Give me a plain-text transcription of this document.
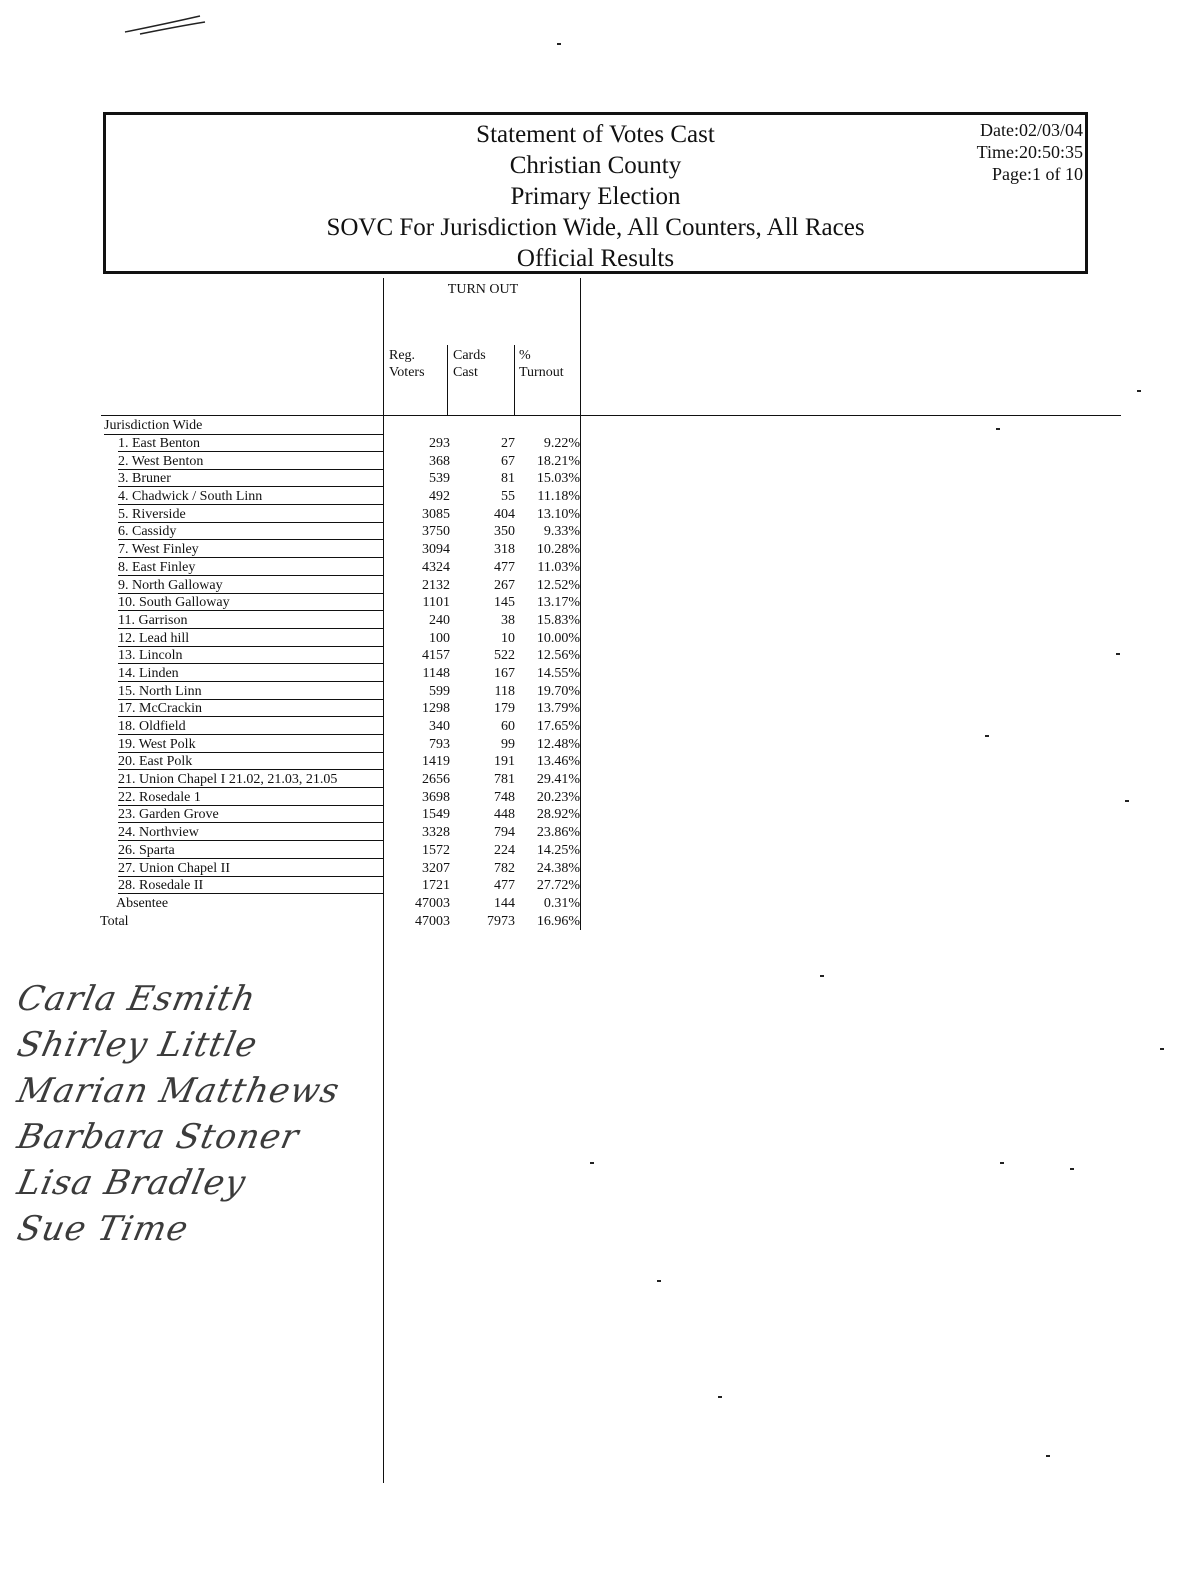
Statement of Votes Cast
Christian County
Primary Election
SOVC For Jurisdiction Wide, All Counters, All Races
Official Results
Date:02/03/04
Time:20:50:35
Page:1 of 10
TURN OUT
Reg.
Voters
Cards
Cast
%
Turnout
Jurisdiction Wide
1. East Benton	293	27 9.22%
2. West Benton	368	67 18.21%
3. Bruner	539	81 15.03%
4. Chadwick / South Linn	492	55 11.18%
5. Riverside	3085	404 13.10%
6. Cassidy	3750	350 9.33%
7. West Finley	3094	318 10.28%
8. East Finley	4324	477 11.03%
9. North Galloway	2132	267 12.52%
10. South Galloway	1101	145 13.17%
11. Garrison	240	38 15.83%
12. Lead hill	100	10 10.00%
13. Lincoln	4157	522 12.56%
14. Linden	1148	167 14.55%
15. North Linn	599	118 19.70%
17. McCrackin	1298	179 13.79%
18. Oldfield	340	60 17.65%
19. West Polk	793	99 12.48%
20. East Polk	1419	191 13.46%
21. Union Chapel I 21.02, 21.03, 21.05	2656	781 29.41%
22. Rosedale 1	3698	748 20.23%
23. Garden Grove	1549	448 28.92%
24. Northview	3328	794 23.86%
26. Sparta	1572	224 14.25%
27. Union Chapel II	3207	782 24.38%
28. Rosedale II	1721	477 27.72%
Absentee	47003	144 0.31%
Total	47003	7973 16.96%
Carla Esmith
Shirley Little
Marian Matthews
Barbara Stoner
Lisa Bradley
Sue Time
